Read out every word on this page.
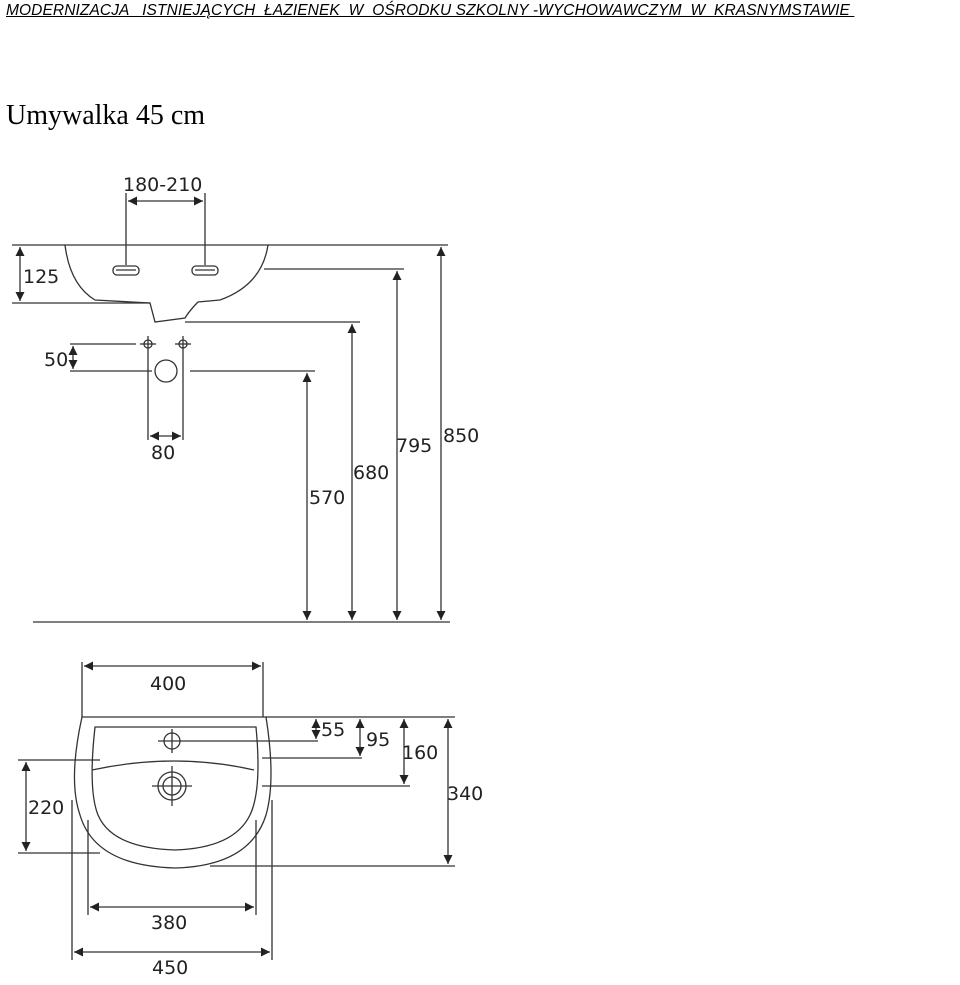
MODERNIZACJA   ISTNIEJĄCYCH  ŁAZIENEK  W  OŚRODKU SZKOLNY -WYCHOWAWCZYM  W  KRASNYMSTAWIE
Umywalka 45 cm
180-210
125
50
80
570
680
795 850
400
55 95
160
340
220
380
450
